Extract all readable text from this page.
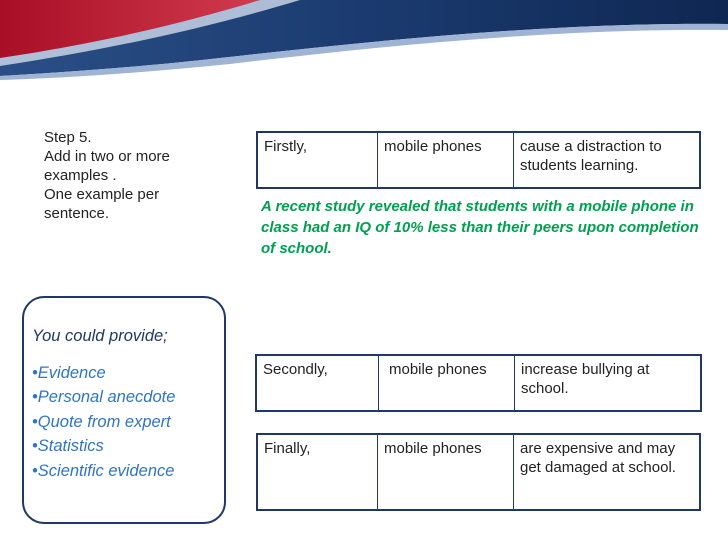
Step 5.
Add in two or more
examples .
One example per
sentence.
Firstly,	mobile phones	cause a distraction to students learning.
A recent study revealed that students with a mobile phone in class had an IQ of 10% less than their peers upon completion of school.
Secondly,	mobile phones	increase bullying at school.
Finally,	mobile phones	are expensive and may get damaged at school.
You could provide;
•Evidence
•Personal anecdote
•Quote from expert
•Statistics
•Scientific evidence
